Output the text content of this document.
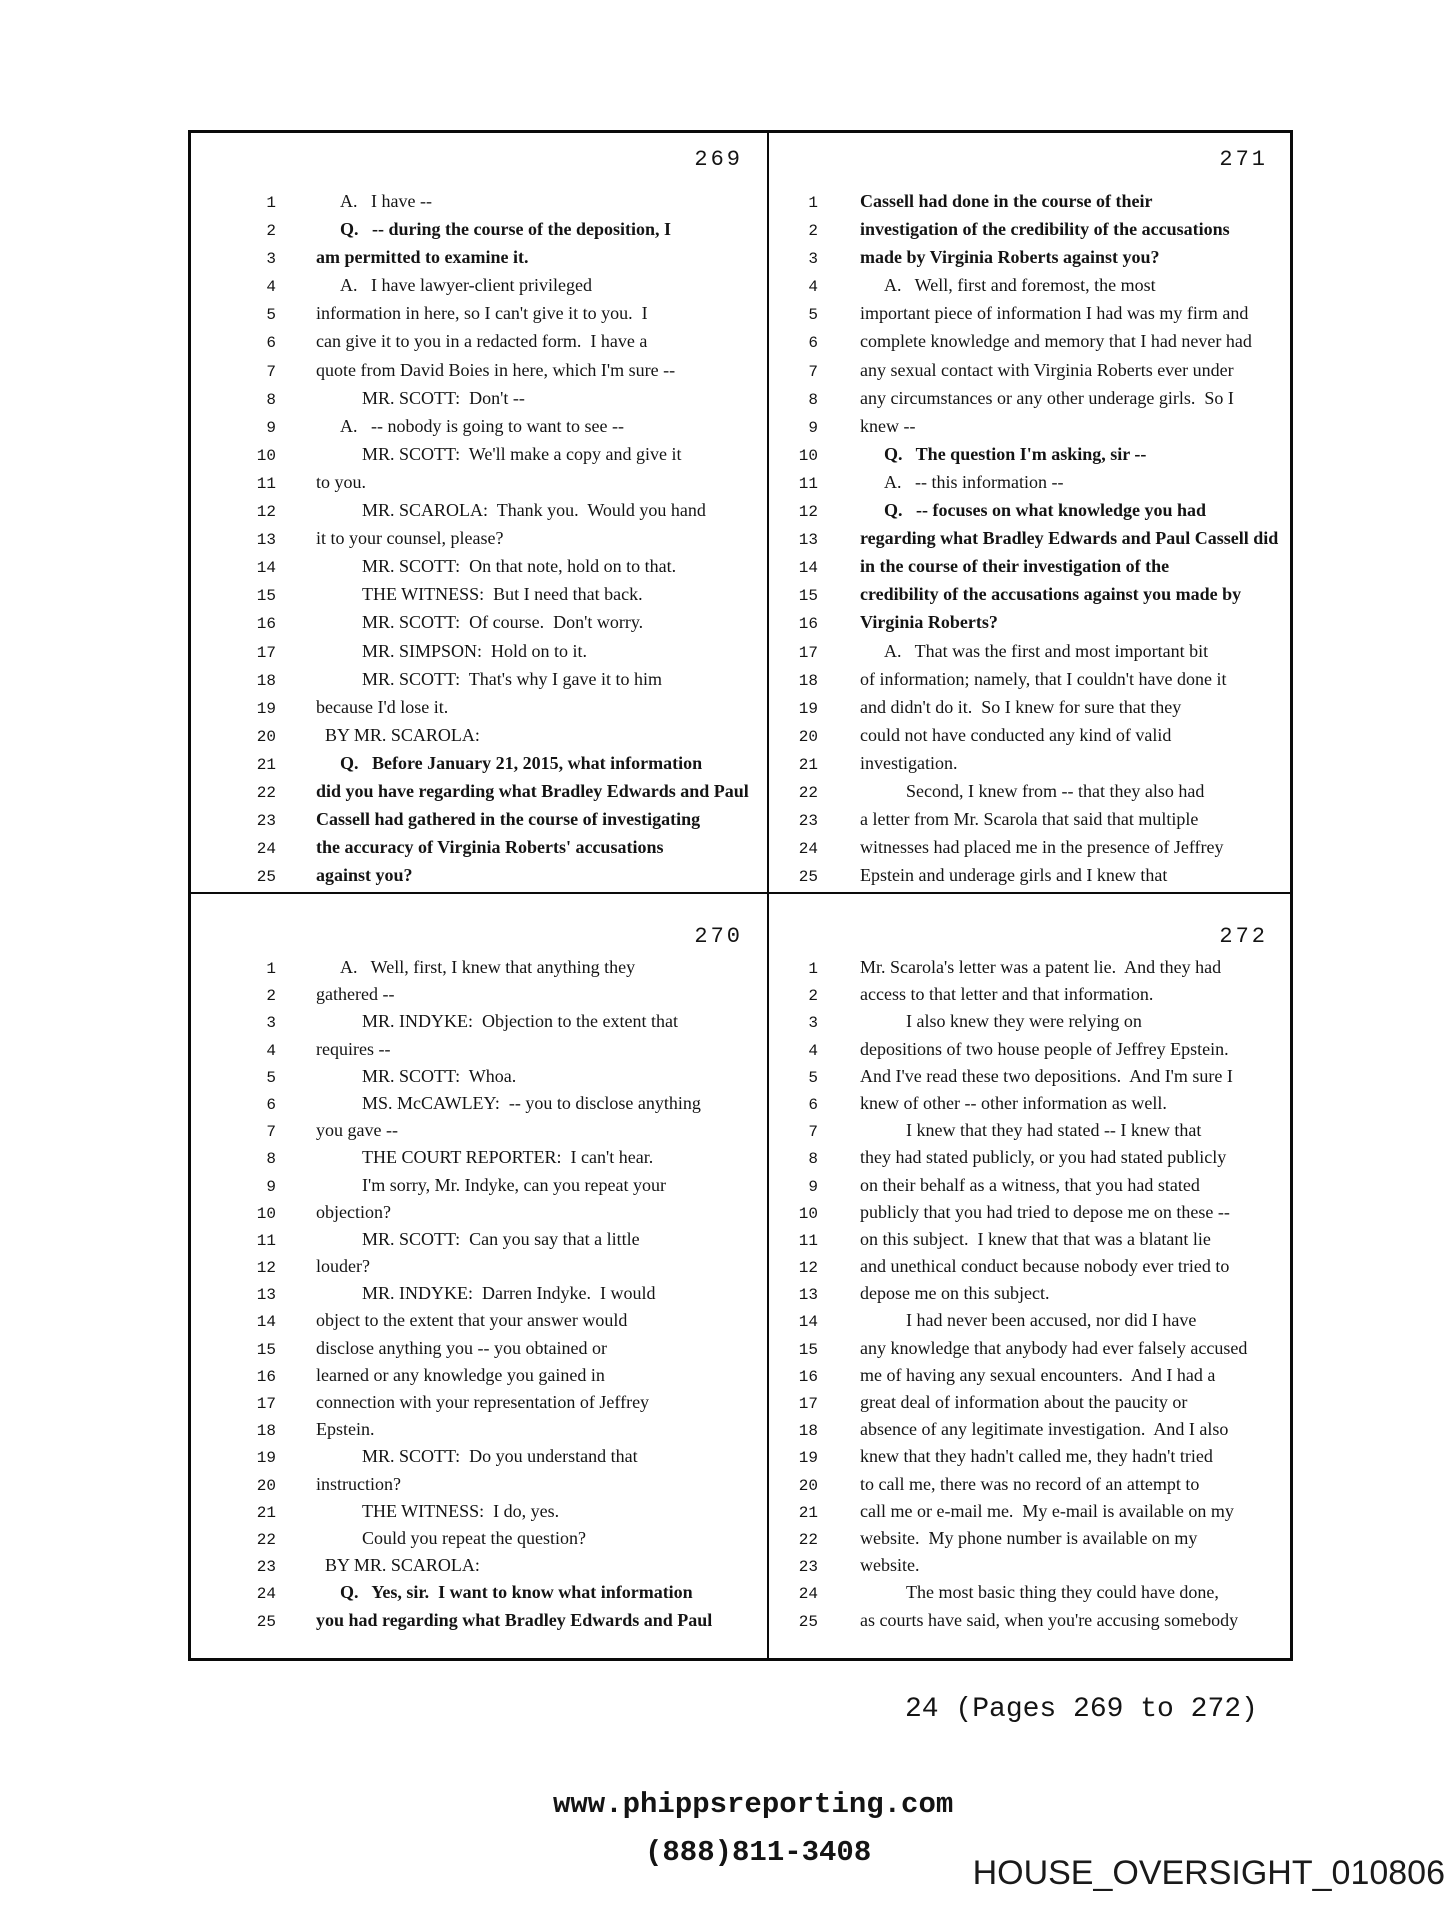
269
1	A.   I have --
2	Q.   -- during the course of the deposition, I
3 am permitted to examine it.
4	A.   I have lawyer-client privileged
5 information in here, so I can't give it to you.  I
6 can give it to you in a redacted form.  I have a
7 quote from David Boies in here, which I'm sure --
8	MR. SCOTT:  Don't --
9	A.   -- nobody is going to want to see --
10	MR. SCOTT:  We'll make a copy and give it
11 to you.
12	MR. SCAROLA:  Thank you.  Would you hand
13 it to your counsel, please?
14	MR. SCOTT:  On that note, hold on to that.
15	THE WITNESS:  But I need that back.
16	MR. SCOTT:  Of course.  Don't worry.
17	MR. SIMPSON:  Hold on to it.
18	MR. SCOTT:  That's why I gave it to him
19 because I'd lose it.
20	BY MR. SCAROLA:
21	Q.   Before January 21, 2015, what information
22 did you have regarding what Bradley Edwards and Paul
23 Cassell had gathered in the course of investigating
24 the accuracy of Virginia Roberts' accusations
25 against you?
271
1 Cassell had done in the course of their
2 investigation of the credibility of the accusations
3 made by Virginia Roberts against you?
4	A.   Well, first and foremost, the most
5 important piece of information I had was my firm and
6 complete knowledge and memory that I had never had
7 any sexual contact with Virginia Roberts ever under
8 any circumstances or any other underage girls.  So I
9 knew --
10	Q.   The question I'm asking, sir --
11	A.   -- this information --
12	Q.   -- focuses on what knowledge you had
13 regarding what Bradley Edwards and Paul Cassell did
14 in the course of their investigation of the
15 credibility of the accusations against you made by
16 Virginia Roberts?
17	A.   That was the first and most important bit
18 of information; namely, that I couldn't have done it
19 and didn't do it.  So I knew for sure that they
20 could not have conducted any kind of valid
21 investigation.
22	Second, I knew from -- that they also had
23 a letter from Mr. Scarola that said that multiple
24 witnesses had placed me in the presence of Jeffrey
25 Epstein and underage girls and I knew that
270
1	A.   Well, first, I knew that anything they
2 gathered --
3	MR. INDYKE:  Objection to the extent that
4 requires --
5	MR. SCOTT:  Whoa.
6	MS. McCAWLEY:  -- you to disclose anything
7 you gave --
8	THE COURT REPORTER:  I can't hear.
9	I'm sorry, Mr. Indyke, can you repeat your
10 objection?
11	MR. SCOTT:  Can you say that a little
12 louder?
13	MR. INDYKE:  Darren Indyke.  I would
14 object to the extent that your answer would
15 disclose anything you -- you obtained or
16 learned or any knowledge you gained in
17 connection with your representation of Jeffrey
18 Epstein.
19	MR. SCOTT:  Do you understand that
20 instruction?
21	THE WITNESS:  I do, yes.
22	Could you repeat the question?
23	BY MR. SCAROLA:
24	Q.   Yes, sir.  I want to know what information
25 you had regarding what Bradley Edwards and Paul
272
1 Mr. Scarola's letter was a patent lie.  And they had
2 access to that letter and that information.
3	I also knew they were relying on
4 depositions of two house people of Jeffrey Epstein.
5 And I've read these two depositions.  And I'm sure I
6 knew of other -- other information as well.
7	I knew that they had stated -- I knew that
8 they had stated publicly, or you had stated publicly
9 on their behalf as a witness, that you had stated
10 publicly that you had tried to depose me on these --
11 on this subject.  I knew that that was a blatant lie
12 and unethical conduct because nobody ever tried to
13 depose me on this subject.
14	I had never been accused, nor did I have
15 any knowledge that anybody had ever falsely accused
16 me of having any sexual encounters.  And I had a
17 great deal of information about the paucity or
18 absence of any legitimate investigation.  And I also
19 knew that they hadn't called me, they hadn't tried
20 to call me, there was no record of an attempt to
21 call me or e-mail me.  My e-mail is available on my
22 website.  My phone number is available on my
23 website.
24	The most basic thing they could have done,
25 as courts have said, when you're accusing somebody
24 (Pages 269 to 272)
www.phippsreporting.com
(888)811-3408
HOUSE_OVERSIGHT_010806
